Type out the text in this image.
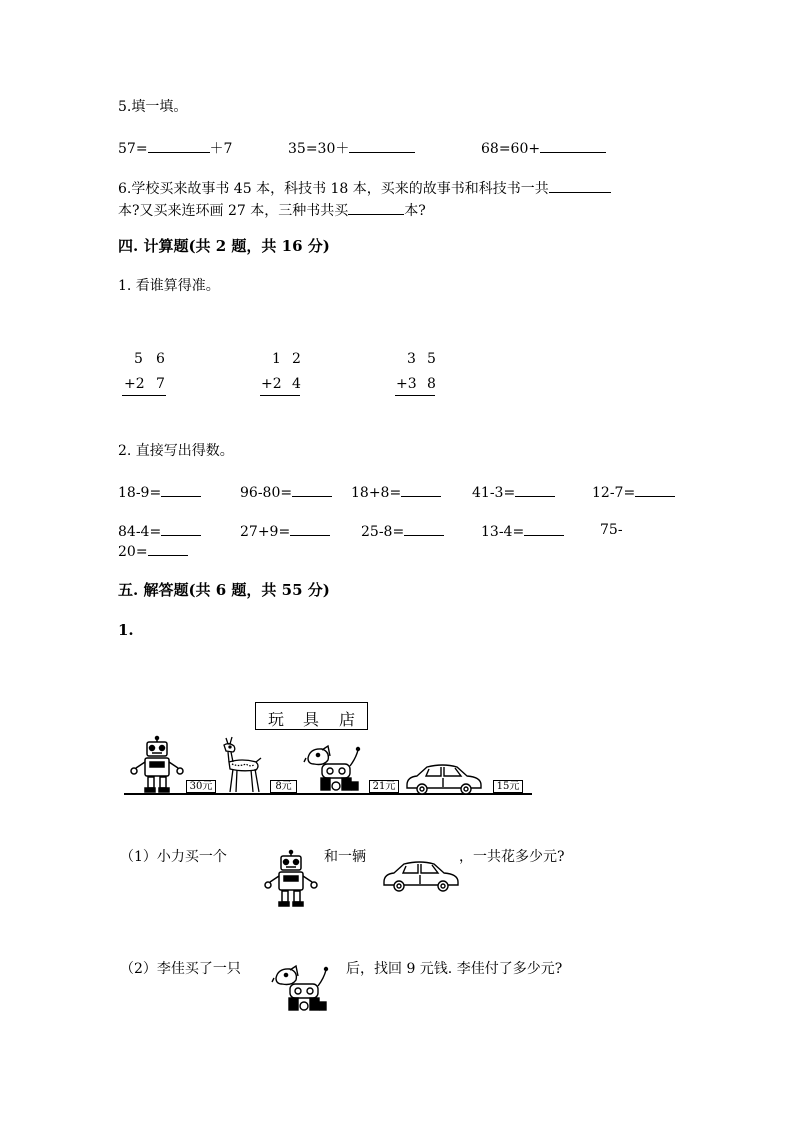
5.填一填。
57=	＋7	35=30＋	68=60+
6.学校买来故事书 45 本，科技书 18 本，买来的故事书和科技书一共
本?又买来连环画 27 本，三种书共买	本?
四. 计算题(共 2 题，共 16 分)
1. 看谁算得准。
5 6
+2 7
1 2
+2 4
3 5
+3 8
2. 直接写出得数。
18-9=	96-80=	18+8=	41-3=	12-7=
84-4=	27+9=	25-8=	13-4=	75-
20=
五. 解答题(共 6 题，共 55 分)
1.
玩 具 店
30元	8元	21元	15元
（1）小力买一个	和一辆	，一共花多少元?
（2）李佳买了一只	后，找回 9 元钱. 李佳付了多少元?
